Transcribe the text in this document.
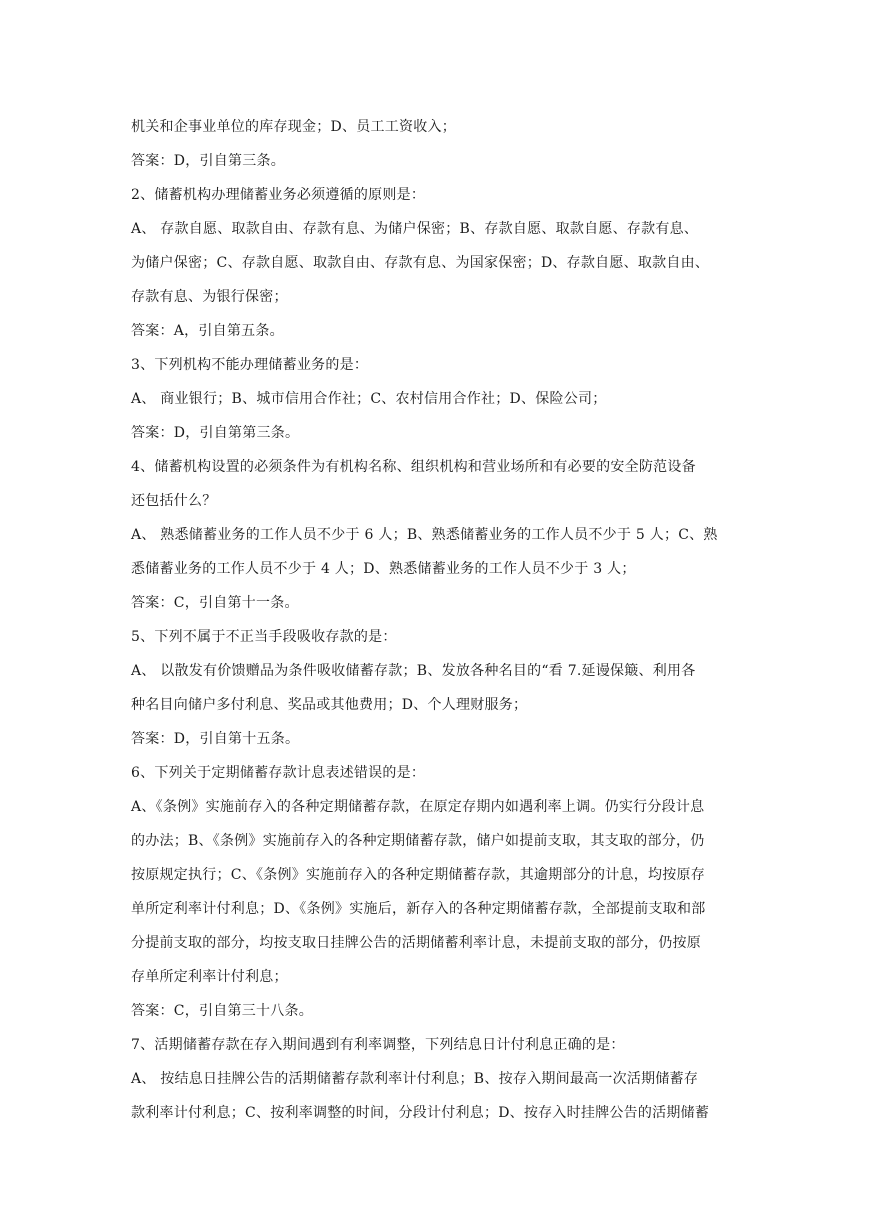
机关和企事业单位的库存现金；D、员工工资收入；
答案：D，引自第三条。
2、储蓄机构办理储蓄业务必须遵循的原则是：
A、 存款自愿、取款自由、存款有息、为储户保密；B、存款自愿、取款自愿、存款有息、
为储户保密；C、存款自愿、取款自由、存款有息、为国家保密；D、存款自愿、取款自由、
存款有息、为银行保密；
答案：A，引自第五条。
3、下列机构不能办理储蓄业务的是：
A、 商业银行；B、城市信用合作社；C、农村信用合作社；D、保险公司；
答案：D，引自第第三条。
4、储蓄机构设置的必须条件为有机构名称、组织机构和营业场所和有必要的安全防范设备
还包括什么？
A、 熟悉储蓄业务的工作人员不少于 6 人；B、熟悉储蓄业务的工作人员不少于 5 人；C、熟
悉储蓄业务的工作人员不少于 4 人；D、熟悉储蓄业务的工作人员不少于 3 人；
答案：C，引自第十一条。
5、下列不属于不正当手段吸收存款的是：
A、 以散发有价馈赠品为条件吸收储蓄存款；B、发放各种名目的“看 7.延谩保簸、利用各
种名目向储户多付利息、奖品或其他费用；D、个人理财服务；
答案：D，引自第十五条。
6、下列关于定期储蓄存款计息表述错误的是：
A、《条例》实施前存入的各种定期储蓄存款，在原定存期内如遇利率上调。仍实行分段计息
的办法；B、《条例》实施前存入的各种定期储蓄存款，储户如提前支取，其支取的部分，仍
按原规定执行；C、《条例》实施前存入的各种定期储蓄存款，其逾期部分的计息，均按原存
单所定利率计付利息；D、《条例》实施后，新存入的各种定期储蓄存款，全部提前支取和部
分提前支取的部分，均按支取日挂牌公告的活期储蓄利率计息，未提前支取的部分，仍按原
存单所定利率计付利息；
答案：C，引自第三十八条。
7、活期储蓄存款在存入期间遇到有利率调整，下列结息日计付利息正确的是：
A、 按结息日挂牌公告的活期储蓄存款利率计付利息；B、按存入期间最高一次活期储蓄存
款利率计付利息；C、按利率调整的时间，分段计付利息；D、按存入时挂牌公告的活期储蓄
